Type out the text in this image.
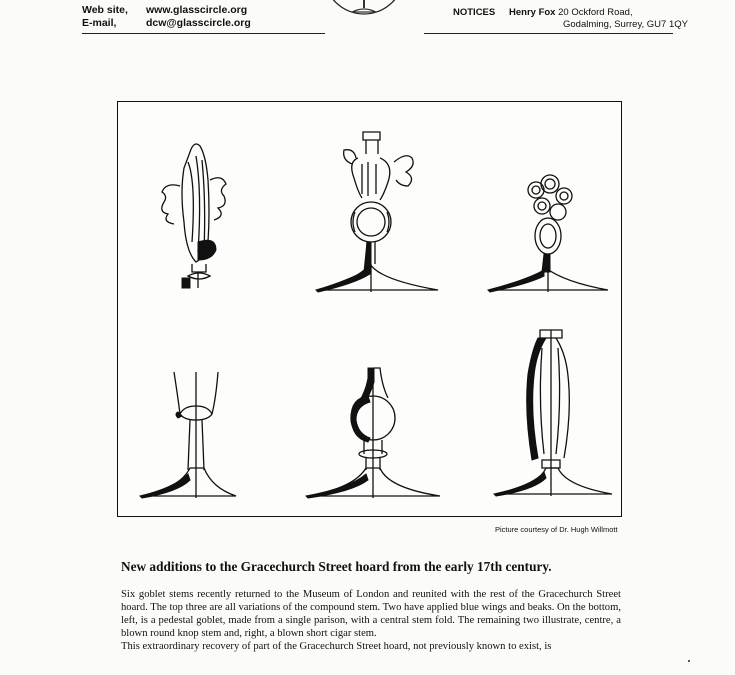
Web site, www.glasscircle.org
E-mail,	dcw@glasscircle.org
NOTICES Henry Fox 20 Ockford Road,
Godalming, Surrey, GU7 1QY
Picture courtesy of Dr. Hugh Willmott
New additions to the Gracechurch Street hoard from the early 17th century.

Six goblet stems recently returned to the Museum of London and reunited with the rest of the Gracechurch Street hoard. The top three are all variations of the compound stem. Two have applied blue wings and beaks. On the bottom, left, is a pedestal goblet, made from a single parison, with a central stem fold. The remaining two illustrate, centre, a blown round knop stem and, right, a blown short cigar stem.

This extraordinary recovery of part of the Gracechurch Street hoard, not previously known to exist, is
